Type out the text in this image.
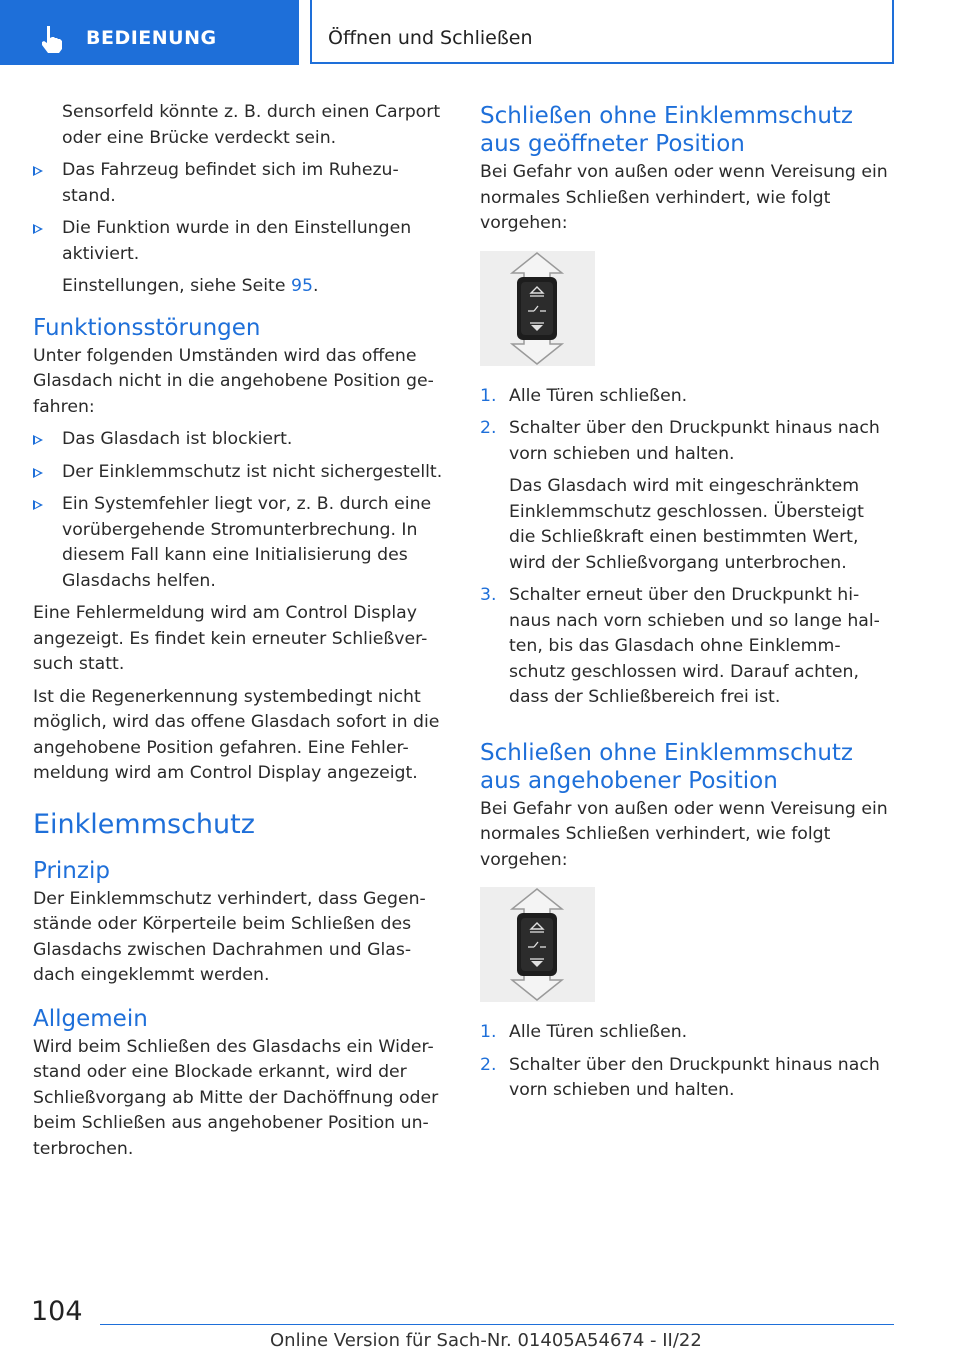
BEDIENUNG	Öffnen und Schließen

Sensorfeld könnte z. B. durch einen Carport oder eine Brücke verdeckt sein.

Das Fahrzeug befindet sich im Ruhezu-stand.
Die Funktion wurde in den Einstellungen aktiviert.

Einstellungen, siehe Seite 95.

Funktionsstörungen

Unter folgenden Umständen wird das offene Glasdach nicht in die angehobene Position ge-fahren:

Das Glasdach ist blockiert.
Der Einklemmschutz ist nicht sichergestellt.
Ein Systemfehler liegt vor, z. B. durch eine vorübergehende Stromunterbrechung. In diesem Fall kann eine Initialisierung des Glasdachs helfen.

Eine Fehlermeldung wird am Control Display angezeigt. Es findet kein erneuter Schließver-such statt.

Ist die Regenerkennung systembedingt nicht möglich, wird das offene Glasdach sofort in die angehobene Position gefahren. Eine Fehler-meldung wird am Control Display angezeigt.

Einklemmschutz
Prinzip

Der Einklemmschutz verhindert, dass Gegen-stände oder Körperteile beim Schließen des Glasdachs zwischen Dachrahmen und Glas-dach eingeklemmt werden.

Allgemein

Wird beim Schließen des Glasdachs ein Wider-stand oder eine Blockade erkannt, wird der Schließvorgang ab Mitte der Dachöffnung oder beim Schließen aus angehobener Position un-terbrochen.

Schließen ohne Einklemmschutz aus geöffneter Position

Bei Gefahr von außen oder wenn Vereisung ein normales Schließen verhindert, wie folgt vorgehen:

1. Alle Türen schließen.
2. Schalter über den Druckpunkt hinaus nach vorn schieben und halten.

Das Glasdach wird mit eingeschränktem Einklemmschutz geschlossen. Übersteigt die Schließkraft einen bestimmten Wert, wird der Schließvorgang unterbrochen.

3. Schalter erneut über den Druckpunkt hi-naus nach vorn schieben und so lange hal-ten, bis das Glasdach ohne Einklemm-schutz geschlossen wird. Darauf achten, dass der Schließbereich frei ist.
Schließen ohne Einklemmschutz aus angehobener Position

Bei Gefahr von außen oder wenn Vereisung ein normales Schließen verhindert, wie folgt vorgehen:

1. Alle Türen schließen.
2. Schalter über den Druckpunkt hinaus nach vorn schieben und halten.
104
Online Version für Sach-Nr. 01405A54674 - II/22
